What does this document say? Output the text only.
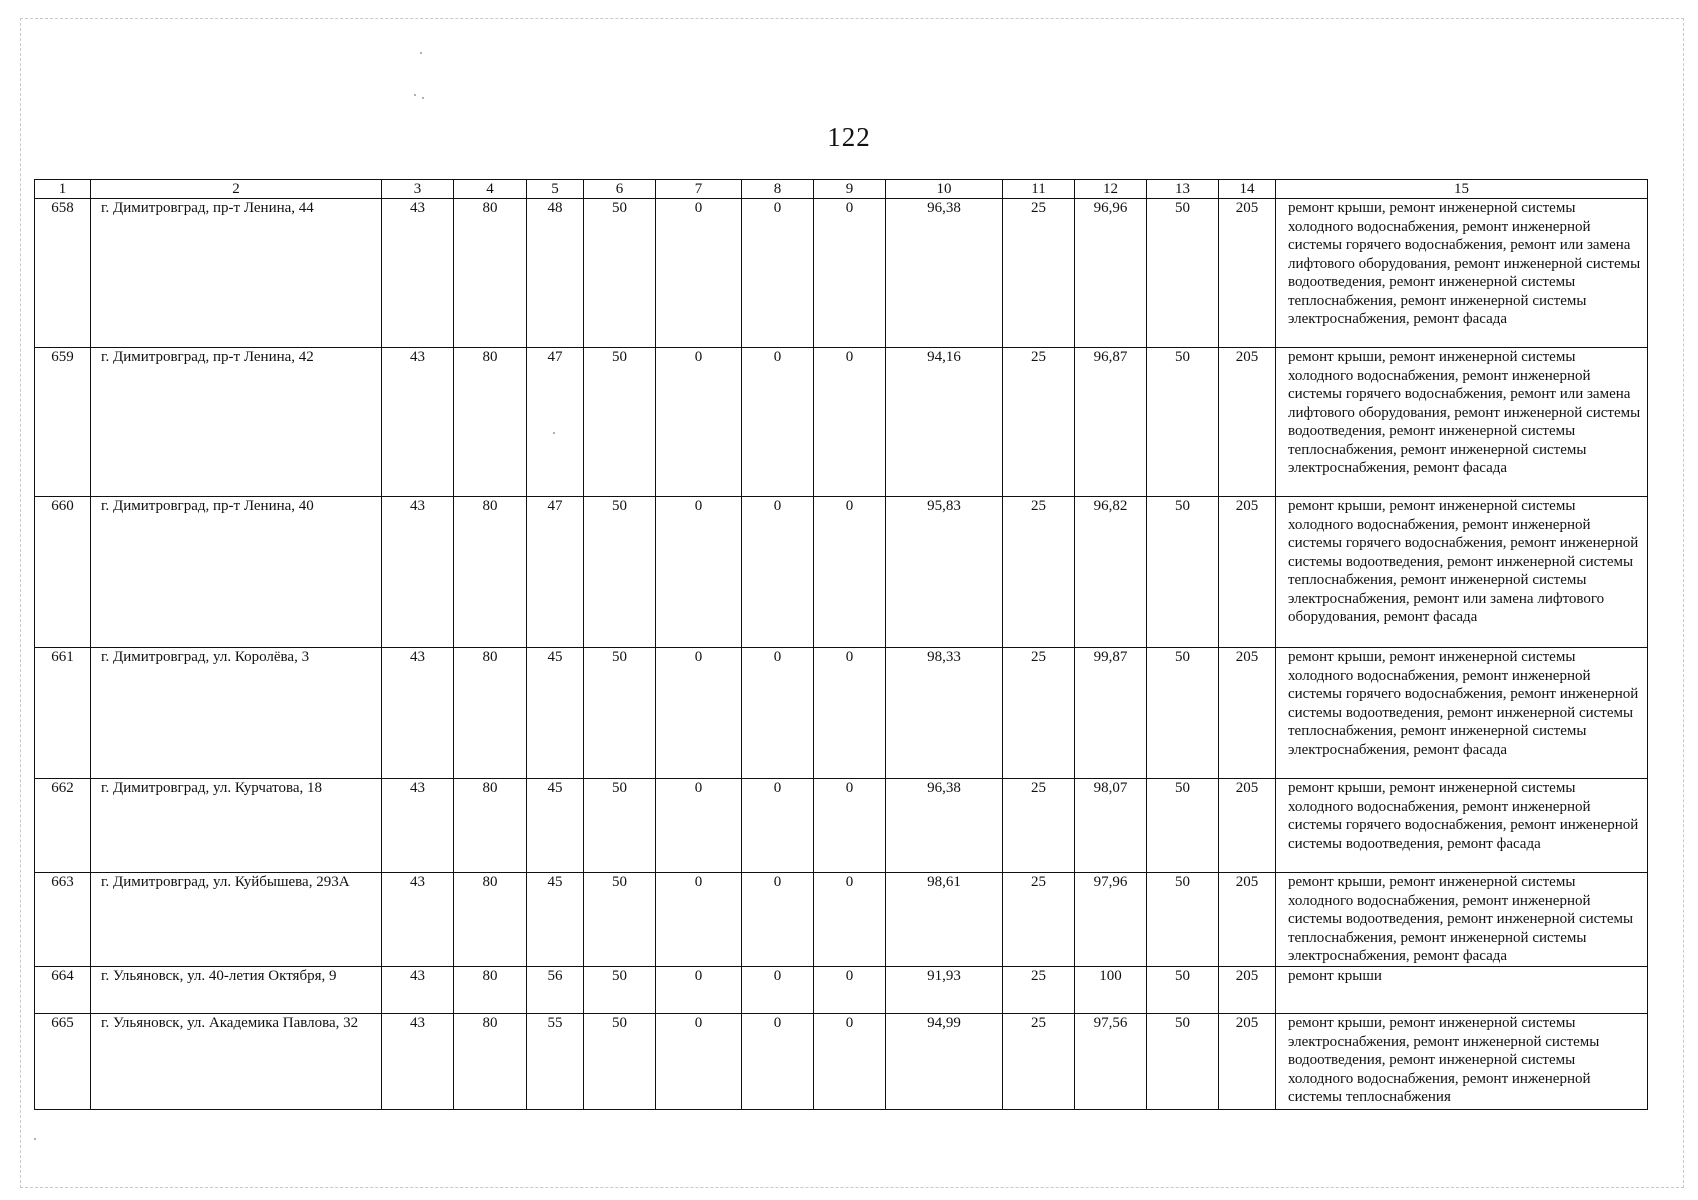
122
1	2	3	4	5	6	7	8	9	10	11	12	13	14	15
658	г. Димитровград, пр-т Ленина, 44	43	80	48	50	0	0	0	96,38	25	96,96	50	205	ремонт крыши, ремонт инженерной системы холодного водоснабжения, ремонт инженерной системы горячего водоснабжения, ремонт или замена лифтового оборудования, ремонт инженерной системы водоотведения, ремонт инженерной системы теплоснабжения, ремонт инженерной системы электроснабжения, ремонт фасада
659	г. Димитровград, пр-т Ленина, 42	43	80	47	50	0	0	0	94,16	25	96,87	50	205	ремонт крыши, ремонт инженерной системы холодного водоснабжения, ремонт инженерной системы горячего водоснабжения, ремонт или замена лифтового оборудования, ремонт инженерной системы водоотведения, ремонт инженерной системы теплоснабжения, ремонт инженерной системы электроснабжения, ремонт фасада
660	г. Димитровград, пр-т Ленина, 40	43	80	47	50	0	0	0	95,83	25	96,82	50	205	ремонт крыши, ремонт инженерной системы холодного водоснабжения, ремонт инженерной системы горячего водоснабжения, ремонт инженерной системы водоотведения, ремонт инженерной системы теплоснабжения, ремонт инженерной системы электроснабжения, ремонт или замена лифтового оборудования, ремонт фасада
661	г. Димитровград, ул. Королёва, 3	43	80	45	50	0	0	0	98,33	25	99,87	50	205	ремонт крыши, ремонт инженерной системы холодного водоснабжения, ремонт инженерной системы горячего водоснабжения, ремонт инженерной системы водоотведения, ремонт инженерной системы теплоснабжения, ремонт инженерной системы электроснабжения, ремонт фасада
662	г. Димитровград, ул. Курчатова, 18	43	80	45	50	0	0	0	96,38	25	98,07	50	205	ремонт крыши, ремонт инженерной системы холодного водоснабжения, ремонт инженерной системы горячего водоснабжения, ремонт инженерной системы водоотведения, ремонт фасада
663	г. Димитровград, ул. Куйбышева, 293А	43	80	45	50	0	0	0	98,61	25	97,96	50	205	ремонт крыши, ремонт инженерной системы холодного водоснабжения, ремонт инженерной системы водоотведения, ремонт инженерной системы теплоснабжения, ремонт инженерной системы электроснабжения, ремонт фасада
664	г. Ульяновск, ул. 40-летия Октября, 9	43	80	56	50	0	0	0	91,93	25	100	50	205	ремонт крыши
665	г. Ульяновск, ул. Академика Павлова, 32	43	80	55	50	0	0	0	94,99	25	97,56	50	205	ремонт крыши, ремонт инженерной системы электроснабжения, ремонт инженерной системы водоотведения, ремонт инженерной системы холодного водоснабжения, ремонт инженерной системы теплоснабжения
